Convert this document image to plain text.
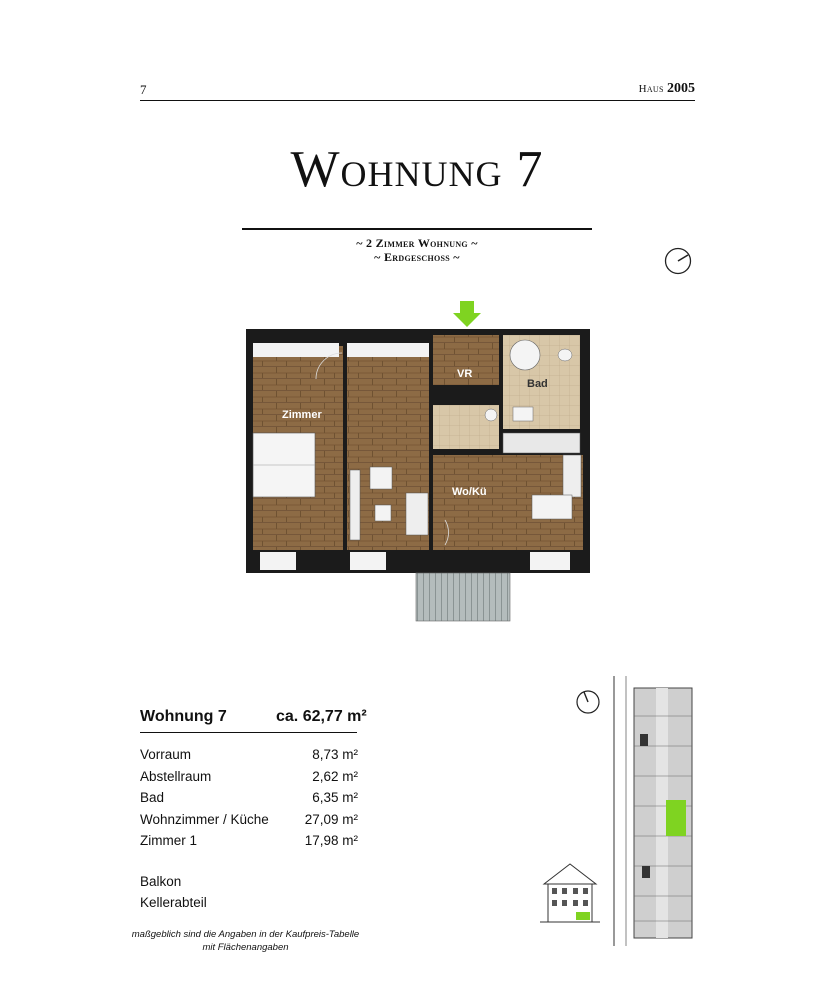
7	Haus 2005
Wohnung 7
~ 2 Zimmer Wohnung ~
~ Erdgeschoss ~
Zimmer
VR
Bad
Wo/Kü
Wohnung 7	ca. 62,77 m²
Vorraum	8,73 m²
Abstellraum	2,62 m²
Bad	6,35 m²
Wohnzimmer / Küche	27,09 m²
Zimmer 1	17,98 m²
Balkon
Kellerabteil
maßgeblich sind die Angaben in der Kaufpreis-Tabelle mit Flächenangaben
